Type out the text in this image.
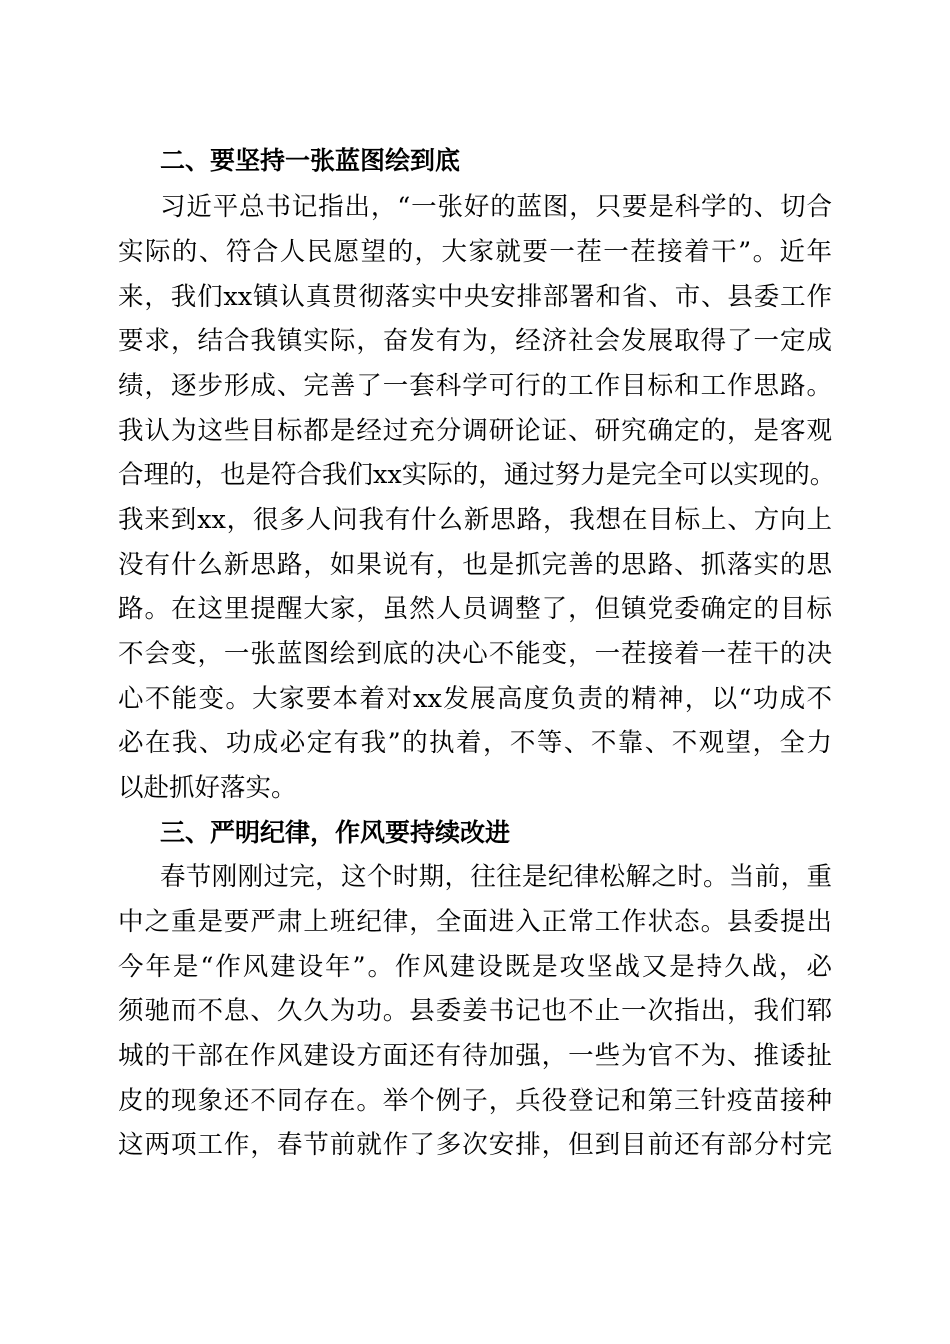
二、要坚持一张蓝图绘到底
习近平总书记指出，“一张好的蓝图，只要是科学的、切合
实际的、符合人民愿望的，大家就要一茬一茬接着干”。近年
来，我们xx镇认真贯彻落实中央安排部署和省、市、县委工作
要求，结合我镇实际，奋发有为，经济社会发展取得了一定成
绩，逐步形成、完善了一套科学可行的工作目标和工作思路。
我认为这些目标都是经过充分调研论证、研究确定的，是客观
合理的，也是符合我们xx实际的，通过努力是完全可以实现的。
我来到xx，很多人问我有什么新思路，我想在目标上、方向上
没有什么新思路，如果说有，也是抓完善的思路、抓落实的思
路。在这里提醒大家，虽然人员调整了，但镇党委确定的目标
不会变，一张蓝图绘到底的决心不能变，一茬接着一茬干的决
心不能变。大家要本着对xx发展高度负责的精神，以“功成不
必在我、功成必定有我”的执着，不等、不靠、不观望，全力
以赴抓好落实。
三、严明纪律，作风要持续改进
春节刚刚过完，这个时期，往往是纪律松解之时。当前，重
中之重是要严肃上班纪律，全面进入正常工作状态。县委提出
今年是“作风建设年”。作风建设既是攻坚战又是持久战，必
须驰而不息、久久为功。县委姜书记也不止一次指出，我们郓
城的干部在作风建设方面还有待加强，一些为官不为、推诿扯
皮的现象还不同存在。举个例子，兵役登记和第三针疫苗接种
这两项工作，春节前就作了多次安排，但到目前还有部分村完
